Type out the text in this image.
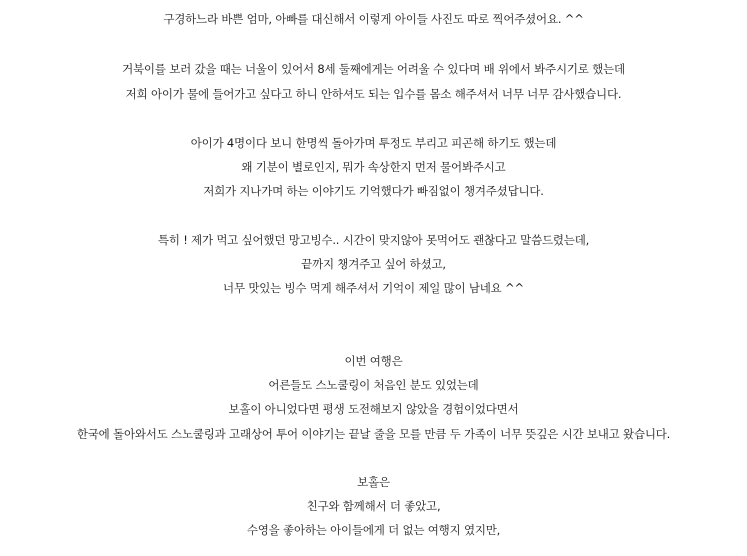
구경하느라 바쁜 엄마, 아빠를 대신해서 이렇게 아이들 사진도 따로 찍어주셨어요. ^^
거북이를 보러 갔을 때는 너울이 있어서 8세 둘째에게는 어려울 수 있다며 배 위에서 봐주시기로 했는데
저희 아이가 물에 들어가고 싶다고 하니 안하셔도 되는 입수를 몸소 해주셔서 너무 너무 감사했습니다.
아이가 4명이다 보니 한명씩 돌아가며 투정도 부리고 피곤해 하기도 했는데
왜 기분이 별로인지, 뭐가 속상한지 먼저 물어봐주시고
저희가 지나가며 하는 이야기도 기억했다가 빠짐없이 챙겨주셨답니다.
특히 ! 제가 먹고 싶어했던 망고빙수.. 시간이 맞지않아 못먹어도 괜찮다고 말씀드렸는데,
끝까지 챙겨주고 싶어 하셨고,
너무 맛있는 빙수 먹게 해주셔서 기억이 제일 많이 남네요 ^^
이번 여행은
어른들도 스노쿨링이 처음인 분도 있었는데
보홀이 아니었다면 평생 도전해보지 않았을 경험이었다면서
한국에 돌아와서도 스노쿨링과 고래상어 투어 이야기는 끝날 줄을 모를 만큼 두 가족이 너무 뜻깊은 시간 보내고 왔습니다.
보홀은
친구와 함께해서 더 좋았고,
수영을 좋아하는 아이들에게 더 없는 여행지 였지만,
